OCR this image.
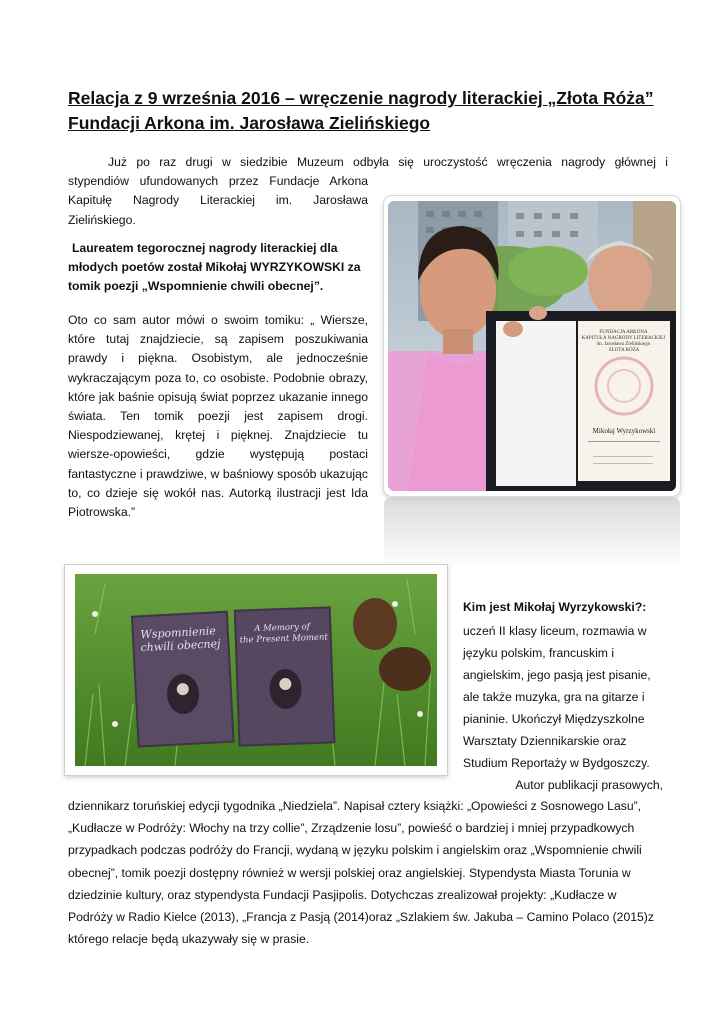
Relacja z 9 września 2016 – wręczenie nagrody literackiej „Złota Róża”
Fundacji Arkona im. Jarosława Zielińskiego
Już po raz drugi w siedzibie Muzeum odbyła się uroczystość wręczenia nagrody głównej i
stypendiów ufundowanych przez Fundacje Arkona
Kapitułę Nagrody Literackiej im. Jarosława
Zielińskiego.
Laureatem tegorocznej nagrody literackiej dla
młodych poetów został Mikołaj WYRZYKOWSKI za
tomik poezji „Wspomnienie chwili obecnej”.
Oto co sam autor mówi o swoim tomiku: „ Wiersze, które tutaj znajdziecie, są zapisem poszukiwania prawdy i piękna. Osobistym, ale jednocześnie wykraczającym poza to, co osobiste. Podobnie obrazy, które jak baśnie opisują świat poprzez ukazanie innego świata. Ten tomik poezji jest zapisem drogi. Niespodziewanej, krętej i pięknej. Znajdziecie tu wiersze-opowieści, gdzie występują postaci fantastyczne i prawdziwe, w baśniowy sposób ukazując to, co dzieje się wokół nas. Autorką ilustracji jest Ida Piotrowska.”
FUNDACJA ARKONA KAPITUŁA NAGRODY LITERACKIEJ im. Jarosława Zielińskiego ZŁOTA RÓŻA
Mikołaj Wyrzykowski
Wspomnienie chwili obecnej
A Memory of the Present Moment
Kim jest Mikołaj Wyrzykowski?:
uczeń II klasy liceum, rozmawia w
języku polskim, francuskim i
angielskim, jego pasją jest pisanie,
ale także muzyka, gra na gitarze i
pianinie. Ukończył Międzyszkolne
Warsztaty Dziennikarskie oraz
Studium Reportaży w Bydgoszczy.
Autor publikacji prasowych,
dziennikarz toruńskiej edycji tygodnika „Niedziela”. Napisał cztery książki: „Opowieści z Sosnowego Lasu”,
„Kudłacze w Podróży: Włochy na trzy collie”, Zrządzenie losu”, powieść o bardziej i mniej przypadkowych
przypadkach podczas podróży do Francji, wydaną w języku polskim i angielskim oraz „Wspomnienie chwili
obecnej”, tomik poezji dostępny również w wersji polskiej oraz angielskiej. Stypendysta Miasta Torunia w
dziedzinie kultury, oraz stypendysta Fundacji Pasjipolis. Dotychczas zrealizował projekty: „Kudłacze w
Podróży w Radio Kielce (2013), „Francja z Pasją (2014)oraz „Szlakiem św. Jakuba – Camino Polaco (2015)z
którego relacje będą ukazywały się w prasie.
